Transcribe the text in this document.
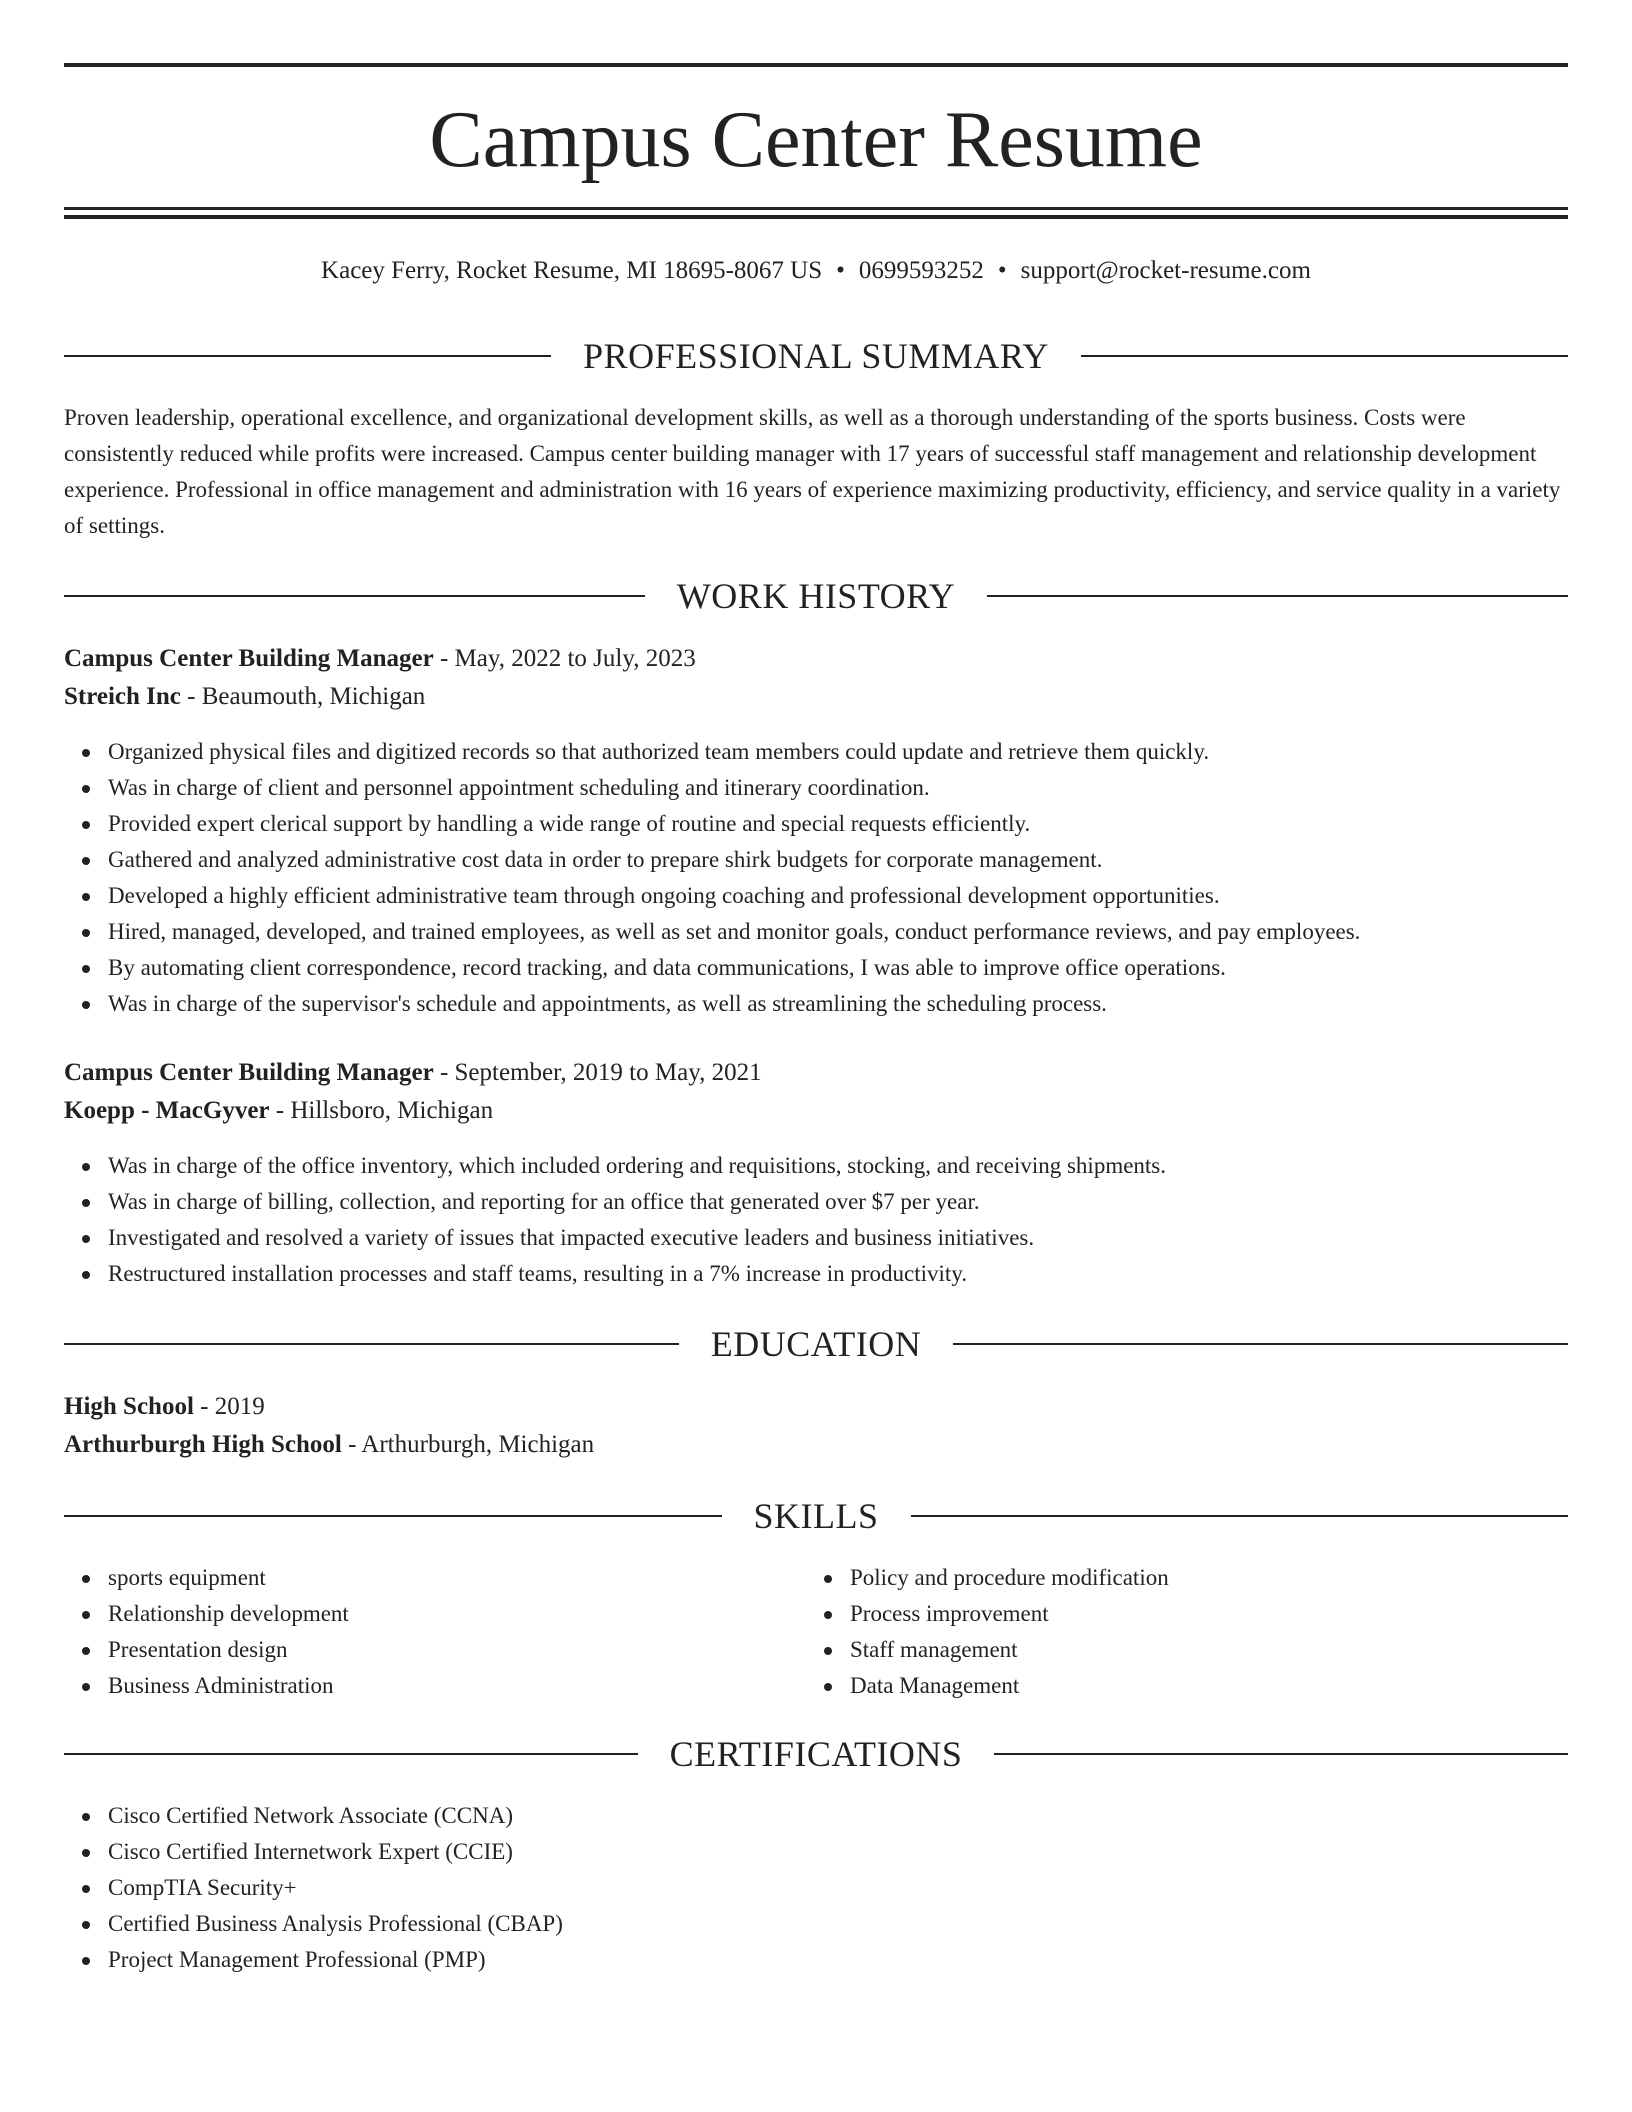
Campus Center Resume
Kacey Ferry, Rocket Resume, MI 18695-8067 US • 0699593252 • support@rocket-resume.com
PROFESSIONAL SUMMARY

Proven leadership, operational excellence, and organizational development skills, as well as a thorough understanding of the sports business. Costs were consistently reduced while profits were increased. Campus center building manager with 17 years of successful staff management and relationship development experience. Professional in office management and administration with 16 years of experience maximizing productivity, efficiency, and service quality in a variety of settings.

WORK HISTORY
Campus Center Building Manager - May, 2022 to July, 2023
Streich Inc - Beaumouth, Michigan
Organized physical files and digitized records so that authorized team members could update and retrieve them quickly.
Was in charge of client and personnel appointment scheduling and itinerary coordination.
Provided expert clerical support by handling a wide range of routine and special requests efficiently.
Gathered and analyzed administrative cost data in order to prepare shirk budgets for corporate management.
Developed a highly efficient administrative team through ongoing coaching and professional development opportunities.
Hired, managed, developed, and trained employees, as well as set and monitor goals, conduct performance reviews, and pay employees.
By automating client correspondence, record tracking, and data communications, I was able to improve office operations.
Was in charge of the supervisor's schedule and appointments, as well as streamlining the scheduling process.
Campus Center Building Manager - September, 2019 to May, 2021
Koepp - MacGyver - Hillsboro, Michigan
Was in charge of the office inventory, which included ordering and requisitions, stocking, and receiving shipments.
Was in charge of billing, collection, and reporting for an office that generated over $7 per year.
Investigated and resolved a variety of issues that impacted executive leaders and business initiatives.
Restructured installation processes and staff teams, resulting in a 7% increase in productivity.
EDUCATION
High School - 2019
Arthurburgh High School - Arthurburgh, Michigan
SKILLS
sports equipment
Relationship development
Presentation design
Business Administration
Policy and procedure modification
Process improvement
Staff management
Data Management
CERTIFICATIONS
Cisco Certified Network Associate (CCNA)
Cisco Certified Internetwork Expert (CCIE)
CompTIA Security+
Certified Business Analysis Professional (CBAP)
Project Management Professional (PMP)
